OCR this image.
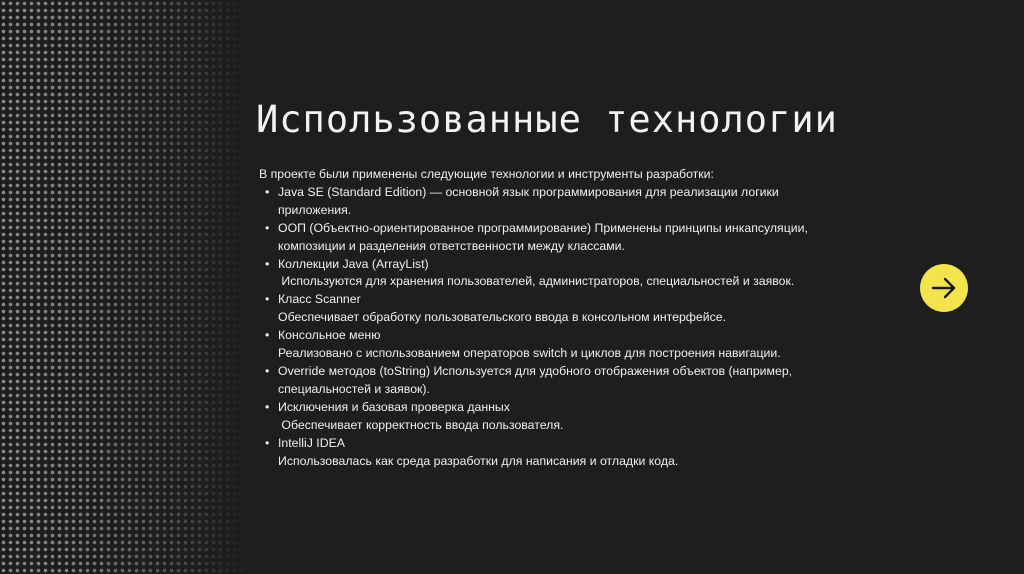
Использованные технологии

В проекте были применены следующие технологии и инструменты разработки:

• Java SE (Standard Edition) — основной язык программирования для реализации логики
приложения.
• ООП (Объектно-ориентированное программирование) Применены принципы инкапсуляции,
композиции и разделения ответственности между классами.
• Коллекции Java (ArrayList)
Используются для хранения пользователей, администраторов, специальностей и заявок.
• Класс Scanner
Обеспечивает обработку пользовательского ввода в консольном интерфейсе.
• Консольное меню
Реализовано с использованием операторов switch и циклов для построения навигации.
• Override методов (toString) Используется для удобного отображения объектов (например,
специальностей и заявок).
• Исключения и базовая проверка данных
Обеспечивает корректность ввода пользователя.
• IntelliJ IDEA
Использовалась как среда разработки для написания и отладки кода.
